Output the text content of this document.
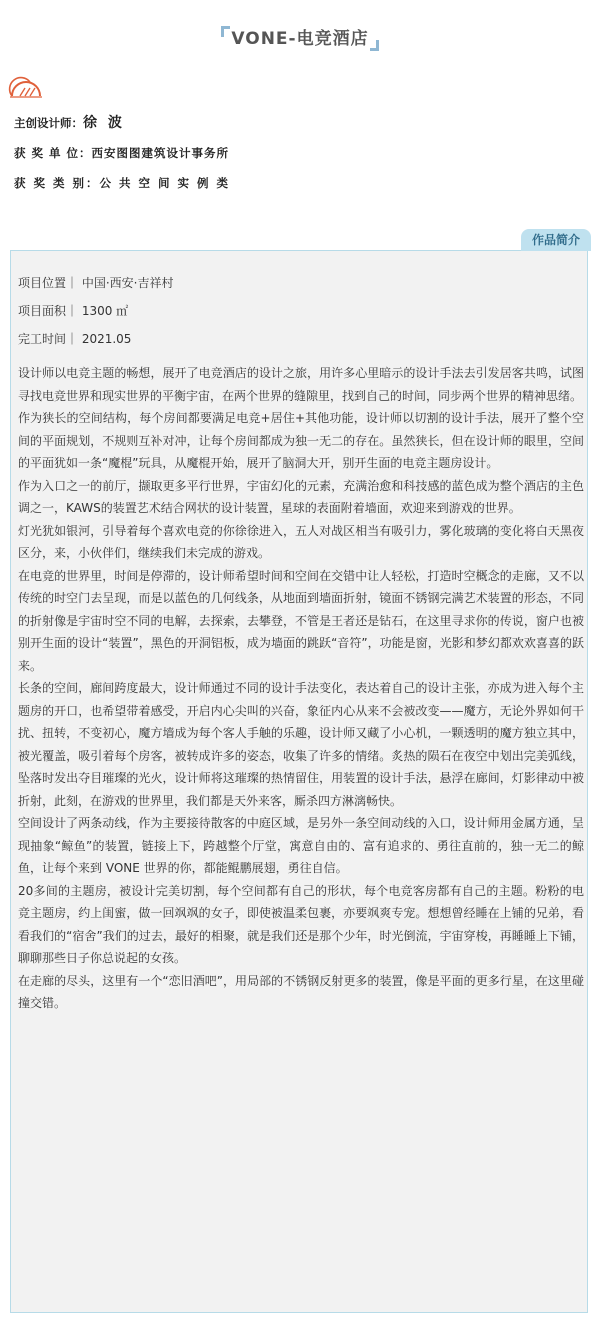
VONE-电竞酒店
主创设计师：徐 波
获 奖 单 位：西安图图建筑设计事务所
获 奖 类 别：公 共 空 间 实 例 类
作品简介
项目位置｜ 中国·西安·吉祥村
项目面积｜ 1300 ㎡
完工时间｜ 2021.05

设计师以电竞主题的畅想，展开了电竞酒店的设计之旅，用许多心里暗示的设计手法去引发居客共鸣，试图寻找电竞世界和现实世界的平衡宇宙，在两个世界的缝隙里，找到自己的时间，同步两个世界的精神思绪。

作为狭长的空间结构，每个房间都要满足电竞+居住+其他功能，设计师以切割的设计手法，展开了整个空间的平面规划，不规则互补对冲，让每个房间都成为独一无二的存在。虽然狭长，但在设计师的眼里，空间的平面犹如一条“魔棍”玩具，从魔棍开始，展开了脑洞大开，别开生面的电竞主题房设计。

作为入口之一的前厅，撷取更多平行世界，宇宙幻化的元素，充满治愈和科技感的蓝色成为整个酒店的主色调之一，KAWS的装置艺术结合网状的设计装置，星球的表面附着墙面，欢迎来到游戏的世界。

灯光犹如银河，引导着每个喜欢电竞的你徐徐进入，五人对战区相当有吸引力，雾化玻璃的变化将白天黑夜区分，来，小伙伴们，继续我们未完成的游戏。

在电竞的世界里，时间是停滞的，设计师希望时间和空间在交错中让人轻松，打造时空概念的走廊，又不以传统的时空门去呈现，而是以蓝色的几何线条，从地面到墙面折射，镜面不锈钢完满艺术装置的形态，不同的折射像是宇宙时空不同的电解，去探索，去攀登，不管是王者还是钻石，在这里寻求你的传说，窗户也被别开生面的设计“装置”，黑色的开洞铝板，成为墙面的跳跃“音符”，功能是窗，光影和梦幻都欢欢喜喜的跃来。

长条的空间，廊间跨度最大，设计师通过不同的设计手法变化，表达着自己的设计主张，亦成为进入每个主题房的开口，也希望带着感受，开启内心尖叫的兴奋，象征内心从来不会被改变——魔方，无论外界如何干扰、扭转，不变初心，魔方墙成为每个客人手触的乐趣，设计师又藏了小心机，一颗透明的魔方独立其中，被光覆盖，吸引着每个房客，被转成许多的姿态，收集了许多的情绪。炙热的陨石在夜空中划出完美弧线，坠落时发出夺目璀璨的光火，设计师将这璀璨的热情留住，用装置的设计手法，悬浮在廊间，灯影律动中被折射，此刻，在游戏的世界里，我们都是天外来客，厮杀四方淋漓畅快。

空间设计了两条动线，作为主要接待散客的中庭区域，是另外一条空间动线的入口，设计师用金属方通，呈现抽象“鲸鱼”的装置，链接上下，跨越整个厅堂，寓意自由的、富有追求的、勇往直前的，独一无二的鲸鱼，让每个来到 VONE 世界的你，都能鲲鹏展翅，勇往自信。

20多间的主题房，被设计完美切割，每个空间都有自己的形状，每个电竞客房都有自己的主题。粉粉的电竞主题房，约上闺蜜，做一回飒飒的女子，即使被温柔包裹，亦要飒爽专宠。想想曾经睡在上铺的兄弟，看看我们的“宿舍”我们的过去，最好的相聚，就是我们还是那个少年，时光倒流，宇宙穿梭，再睡睡上下铺，聊聊那些日子你总说起的女孩。

在走廊的尽头，这里有一个“恋旧酒吧”，用局部的不锈钢反射更多的装置，像是平面的更多行星，在这里碰撞交错。
